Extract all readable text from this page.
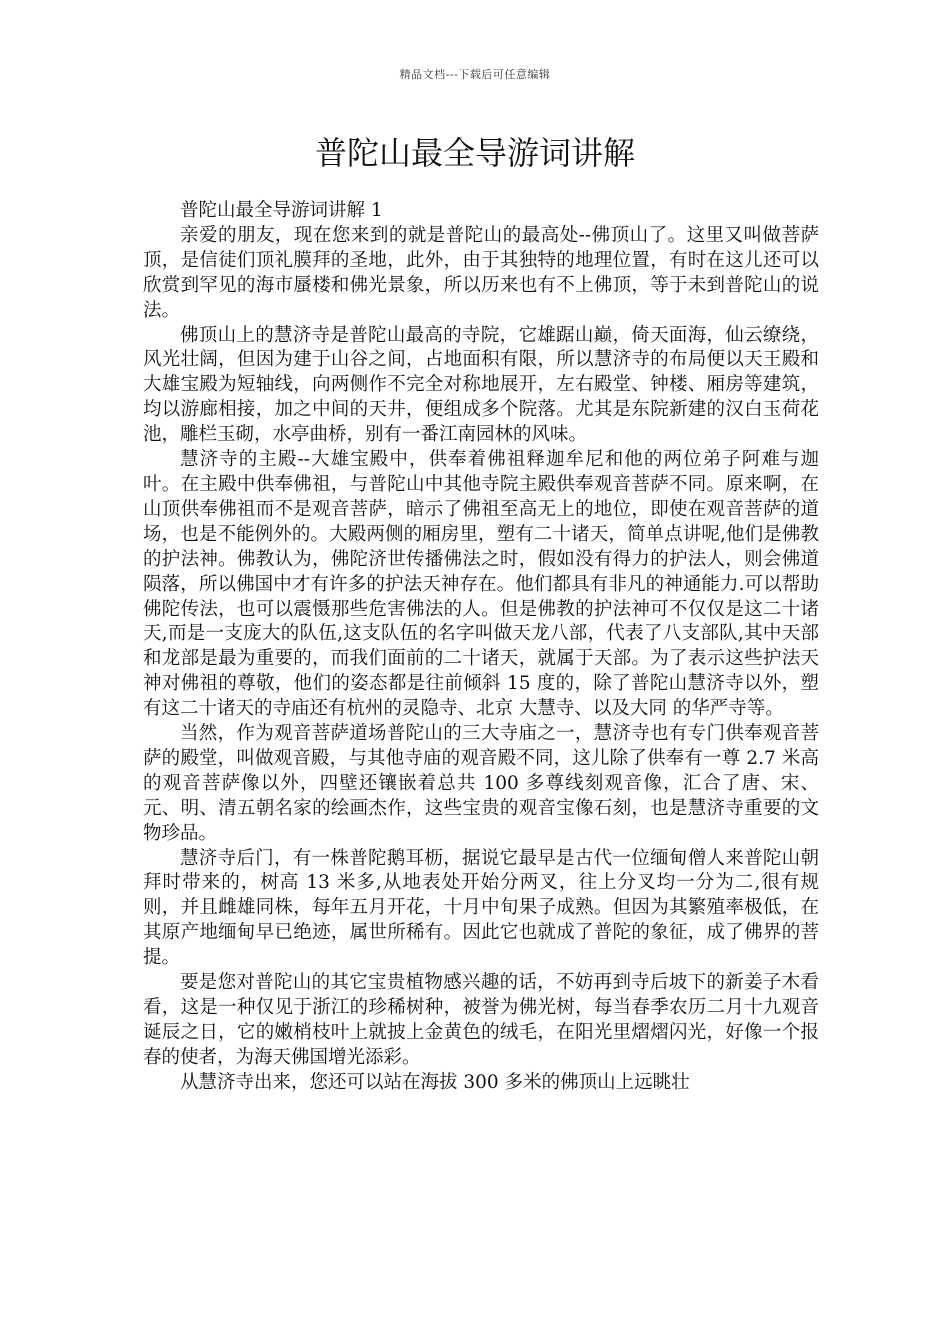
精品文档---下载后可任意编辑
普陀山最全导游词讲解

普陀山最全导游词讲解 1

亲爱的朋友，现在您来到的就是普陀山的最高处--佛顶山了。这里又叫做菩萨顶，是信徒们顶礼膜拜的圣地，此外，由于其独特的地理位置，有时在这儿还可以欣赏到罕见的海市蜃楼和佛光景象，所以历来也有不上佛顶，等于未到普陀山的说法。

佛顶山上的慧济寺是普陀山最高的寺院，它雄踞山巅，倚天面海，仙云缭绕，风光壮阔，但因为建于山谷之间，占地面积有限，所以慧济寺的布局便以天王殿和大雄宝殿为短轴线，向两侧作不完全对称地展开，左右殿堂、钟楼、厢房等建筑，均以游廊相接，加之中间的天井，便组成多个院落。尤其是东院新建的汉白玉荷花池，雕栏玉砌，水亭曲桥，别有一番江南园林的风味。

慧济寺的主殿--大雄宝殿中，供奉着佛祖释迦牟尼和他的两位弟子阿难与迦叶。在主殿中供奉佛祖，与普陀山中其他寺院主殿供奉观音菩萨不同。原来啊，在山顶供奉佛祖而不是观音菩萨，暗示了佛祖至高无上的地位，即使在观音菩萨的道场，也是不能例外的。大殿两侧的厢房里，塑有二十诸天，简单点讲呢,他们是佛教的护法神。佛教认为，佛陀济世传播佛法之时，假如没有得力的护法人，则会佛道陨落，所以佛国中才有许多的护法天神存在。他们都具有非凡的神通能力.可以帮助佛陀传法，也可以震慑那些危害佛法的人。但是佛教的护法神可不仅仅是这二十诸天,而是一支庞大的队伍,这支队伍的名字叫做天龙八部，代表了八支部队,其中天部和龙部是最为重要的，而我们面前的二十诸天，就属于天部。为了表示这些护法天神对佛祖的尊敬，他们的姿态都是往前倾斜 15 度的，除了普陀山慧济寺以外，塑有这二十诸天的寺庙还有杭州的灵隐寺、北京 大慧寺、以及大同 的华严寺等。

当然，作为观音菩萨道场普陀山的三大寺庙之一，慧济寺也有专门供奉观音菩萨的殿堂，叫做观音殿，与其他寺庙的观音殿不同，这儿除了供奉有一尊 2.7 米高的观音菩萨像以外，四壁还镶嵌着总共 100 多尊线刻观音像，汇合了唐、宋、元、明、清五朝名家的绘画杰作，这些宝贵的观音宝像石刻，也是慧济寺重要的文物珍品。

慧济寺后门，有一株普陀鹅耳枥，据说它最早是古代一位缅甸僧人来普陀山朝拜时带来的，树高 13 米多,从地表处开始分两叉，往上分叉均一分为二,很有规则，并且雌雄同株，每年五月开花，十月中旬果子成熟。但因为其繁殖率极低，在其原产地缅甸早已绝迹，属世所稀有。因此它也就成了普陀的象征，成了佛界的菩提。

要是您对普陀山的其它宝贵植物感兴趣的话，不妨再到寺后坡下的新姜子木看看，这是一种仅见于浙江的珍稀树种，被誉为佛光树，每当春季农历二月十九观音诞辰之日，它的嫩梢枝叶上就披上金黄色的绒毛，在阳光里熠熠闪光，好像一个报春的使者，为海天佛国增光添彩。

从慧济寺出来，您还可以站在海拔 300 多米的佛顶山上远眺壮
